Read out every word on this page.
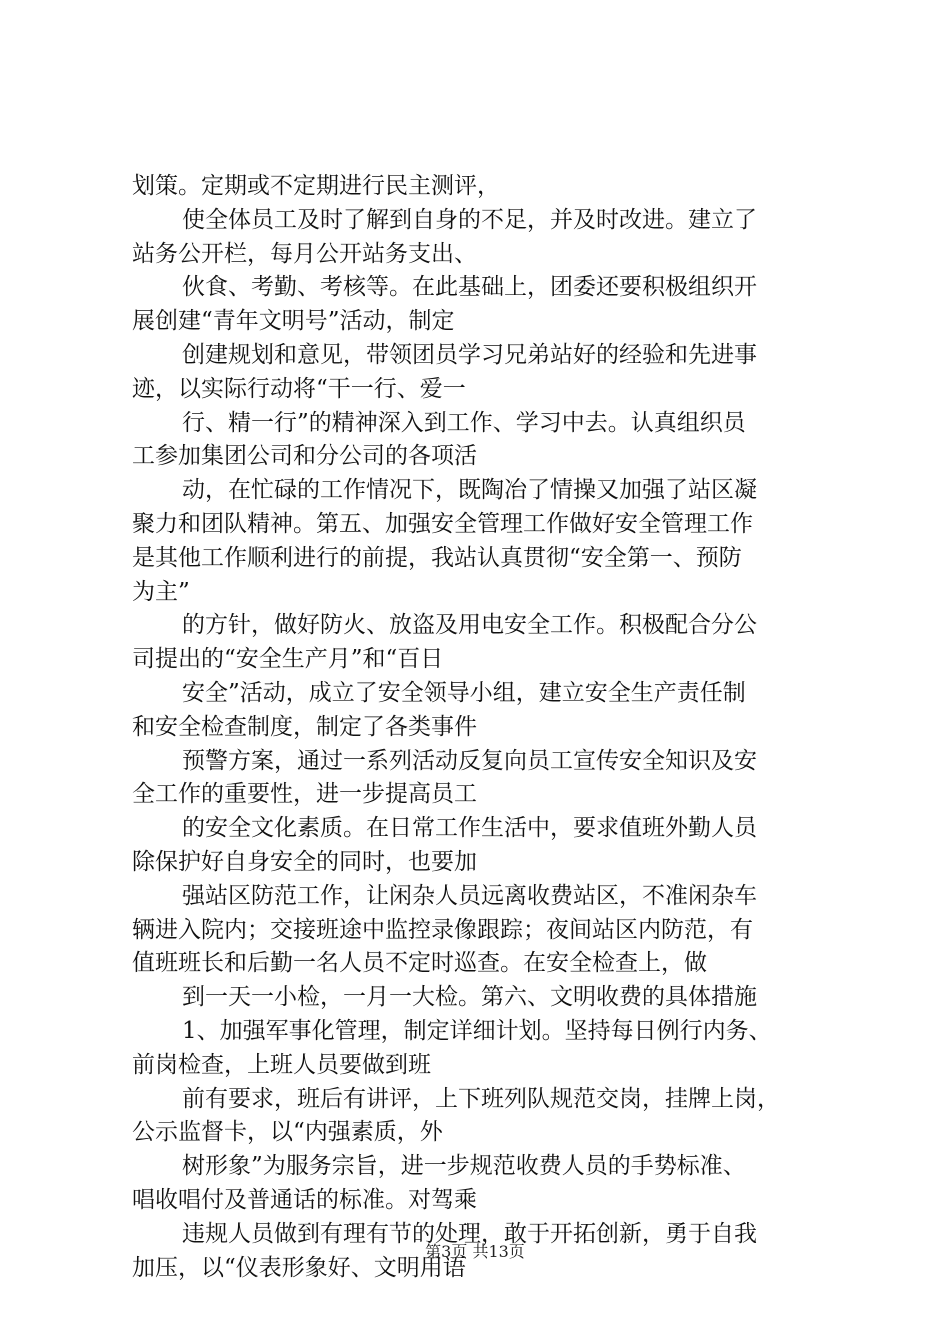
划策。定期或不定期进行民主测评，
使全体员工及时了解到自身的不足，并及时改进。建立了
站务公开栏，每月公开站务支出、
伙食、考勤、考核等。在此基础上，团委还要积极组织开
展创建“青年文明号”活动，制定
创建规划和意见，带领团员学习兄弟站好的经验和先进事
迹，以实际行动将“干一行、爱一
行、精一行”的精神深入到工作、学习中去。认真组织员
工参加集团公司和分公司的各项活
动，在忙碌的工作情况下，既陶冶了情操又加强了站区凝
聚力和团队精神。第五、加强安全管理工作做好安全管理工作
是其他工作顺利进行的前提，我站认真贯彻“安全第一、预防
为主”
的方针，做好防火、放盗及用电安全工作。积极配合分公
司提出的“安全生产月”和“百日
安全”活动，成立了安全领导小组，建立安全生产责任制
和安全检查制度，制定了各类事件
预警方案，通过一系列活动反复向员工宣传安全知识及安
全工作的重要性，进一步提高员工
的安全文化素质。在日常工作生活中，要求值班外勤人员
除保护好自身安全的同时，也要加
强站区防范工作，让闲杂人员远离收费站区，不准闲杂车
辆进入院内；交接班途中监控录像跟踪；夜间站区内防范，有
值班班长和后勤一名人员不定时巡查。在安全检查上，做
到一天一小检，一月一大检。第六、文明收费的具体措施
1、加强军事化管理，制定详细计划。坚持每日例行内务、
前岗检查，上班人员要做到班
前有要求，班后有讲评，上下班列队规范交岗，挂牌上岗，
公示监督卡，以“内强素质，外
树形象”为服务宗旨，进一步规范收费人员的手势标准、
唱收唱付及普通话的标准。对驾乘
违规人员做到有理有节的处理，敢于开拓创新，勇于自我
加压，以“仪表形象好、文明用语
第3页 共13页
